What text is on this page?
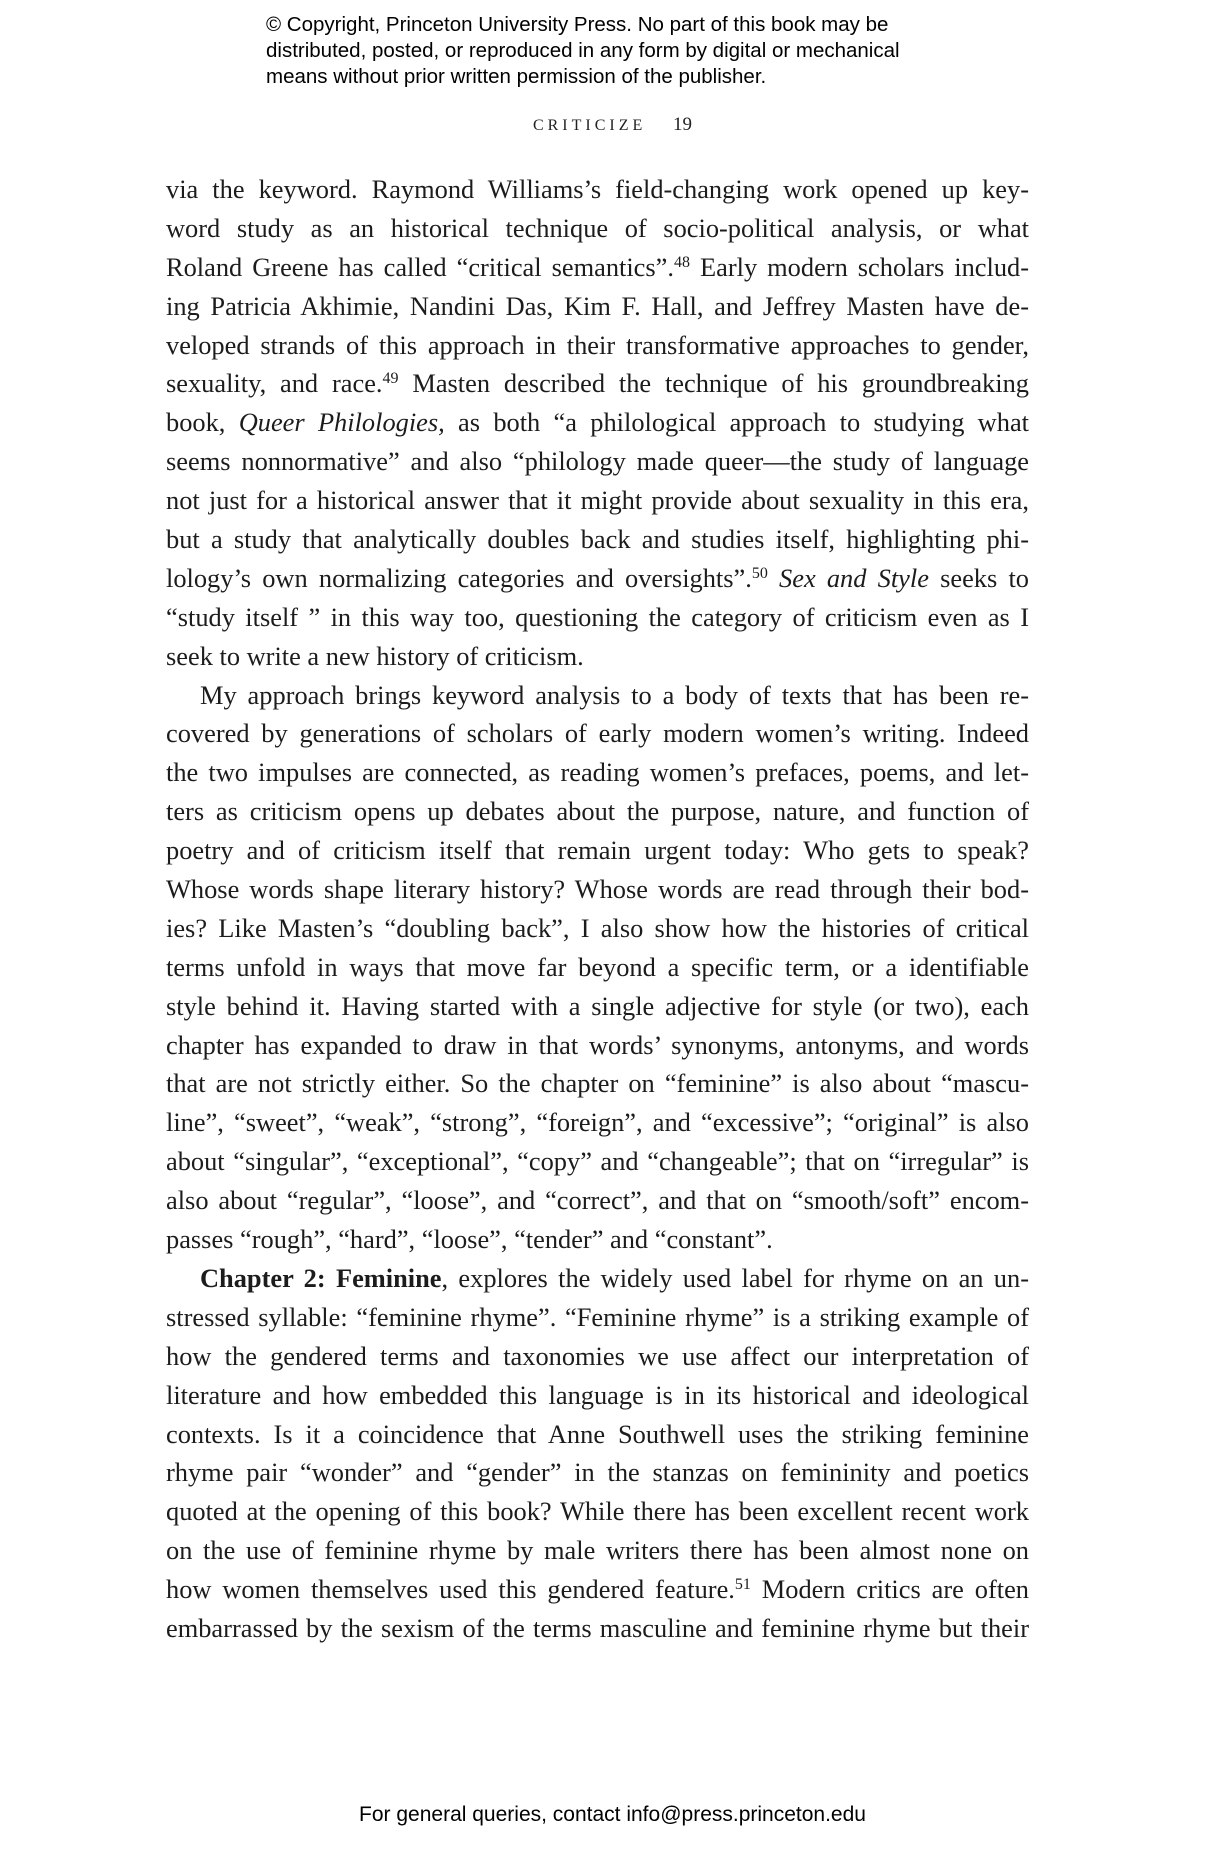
© Copyright, Princeton University Press. No part of this book may be
distributed, posted, or reproduced in any form by digital or mechanical
means without prior written permission of the publisher.
CRITICIZE 19
via the keyword. Raymond Williams’s field-changing work opened up key-
word study as an historical technique of socio-political analysis, or what
Roland Greene has called “critical semantics”.$^{48}$ Early modern scholars includ-
ing Patricia Akhimie, Nandini Das, Kim F. Hall, and Jeffrey Masten have de-
veloped strands of this approach in their transformative approaches to gender,
sexuality, and race.$^{49}$ Masten described the technique of his groundbreaking
book, Queer Philologies, as both “a philological approach to studying what
seems nonnormative” and also “philology made queer—the study of language
not just for a historical answer that it might provide about sexuality in this era,
but a study that analytically doubles back and studies itself, highlighting phi-
lology’s own normalizing categories and oversights”.$^{50}$ Sex and Style seeks to
“study itself ” in this way too, questioning the category of criticism even as I
seek to write a new history of criticism.
My approach brings keyword analysis to a body of texts that has been re-
covered by generations of scholars of early modern women’s writing. Indeed
the two impulses are connected, as reading women’s prefaces, poems, and let-
ters as criticism opens up debates about the purpose, nature, and function of
poetry and of criticism itself that remain urgent today: Who gets to speak?
Whose words shape literary history? Whose words are read through their bod-
ies? Like Masten’s “doubling back”, I also show how the histories of critical
terms unfold in ways that move far beyond a specific term, or a identifiable
style behind it. Having started with a single adjective for style (or two), each
chapter has expanded to draw in that words’ synonyms, antonyms, and words
that are not strictly either. So the chapter on “feminine” is also about “mascu-
line”, “sweet”, “weak”, “strong”, “foreign”, and “excessive”; “original” is also
about “singular”, “exceptional”, “copy” and “changeable”; that on “irregular” is
also about “regular”, “loose”, and “correct”, and that on “smooth/soft” encom-
passes “rough”, “hard”, “loose”, “tender” and “constant”.
Chapter 2: Feminine, explores the widely used label for rhyme on an un-
stressed syllable: “feminine rhyme”. “Feminine rhyme” is a striking example of
how the gendered terms and taxonomies we use affect our interpretation of
literature and how embedded this language is in its historical and ideological
contexts. Is it a coincidence that Anne Southwell uses the striking feminine
rhyme pair “wonder” and “gender” in the stanzas on femininity and poetics
quoted at the opening of this book? While there has been excellent recent work
on the use of feminine rhyme by male writers there has been almost none on
how women themselves used this gendered feature.$^{51}$ Modern critics are often
embarrassed by the sexism of the terms masculine and feminine rhyme but their
For general queries, contact info@press.princeton.edu
